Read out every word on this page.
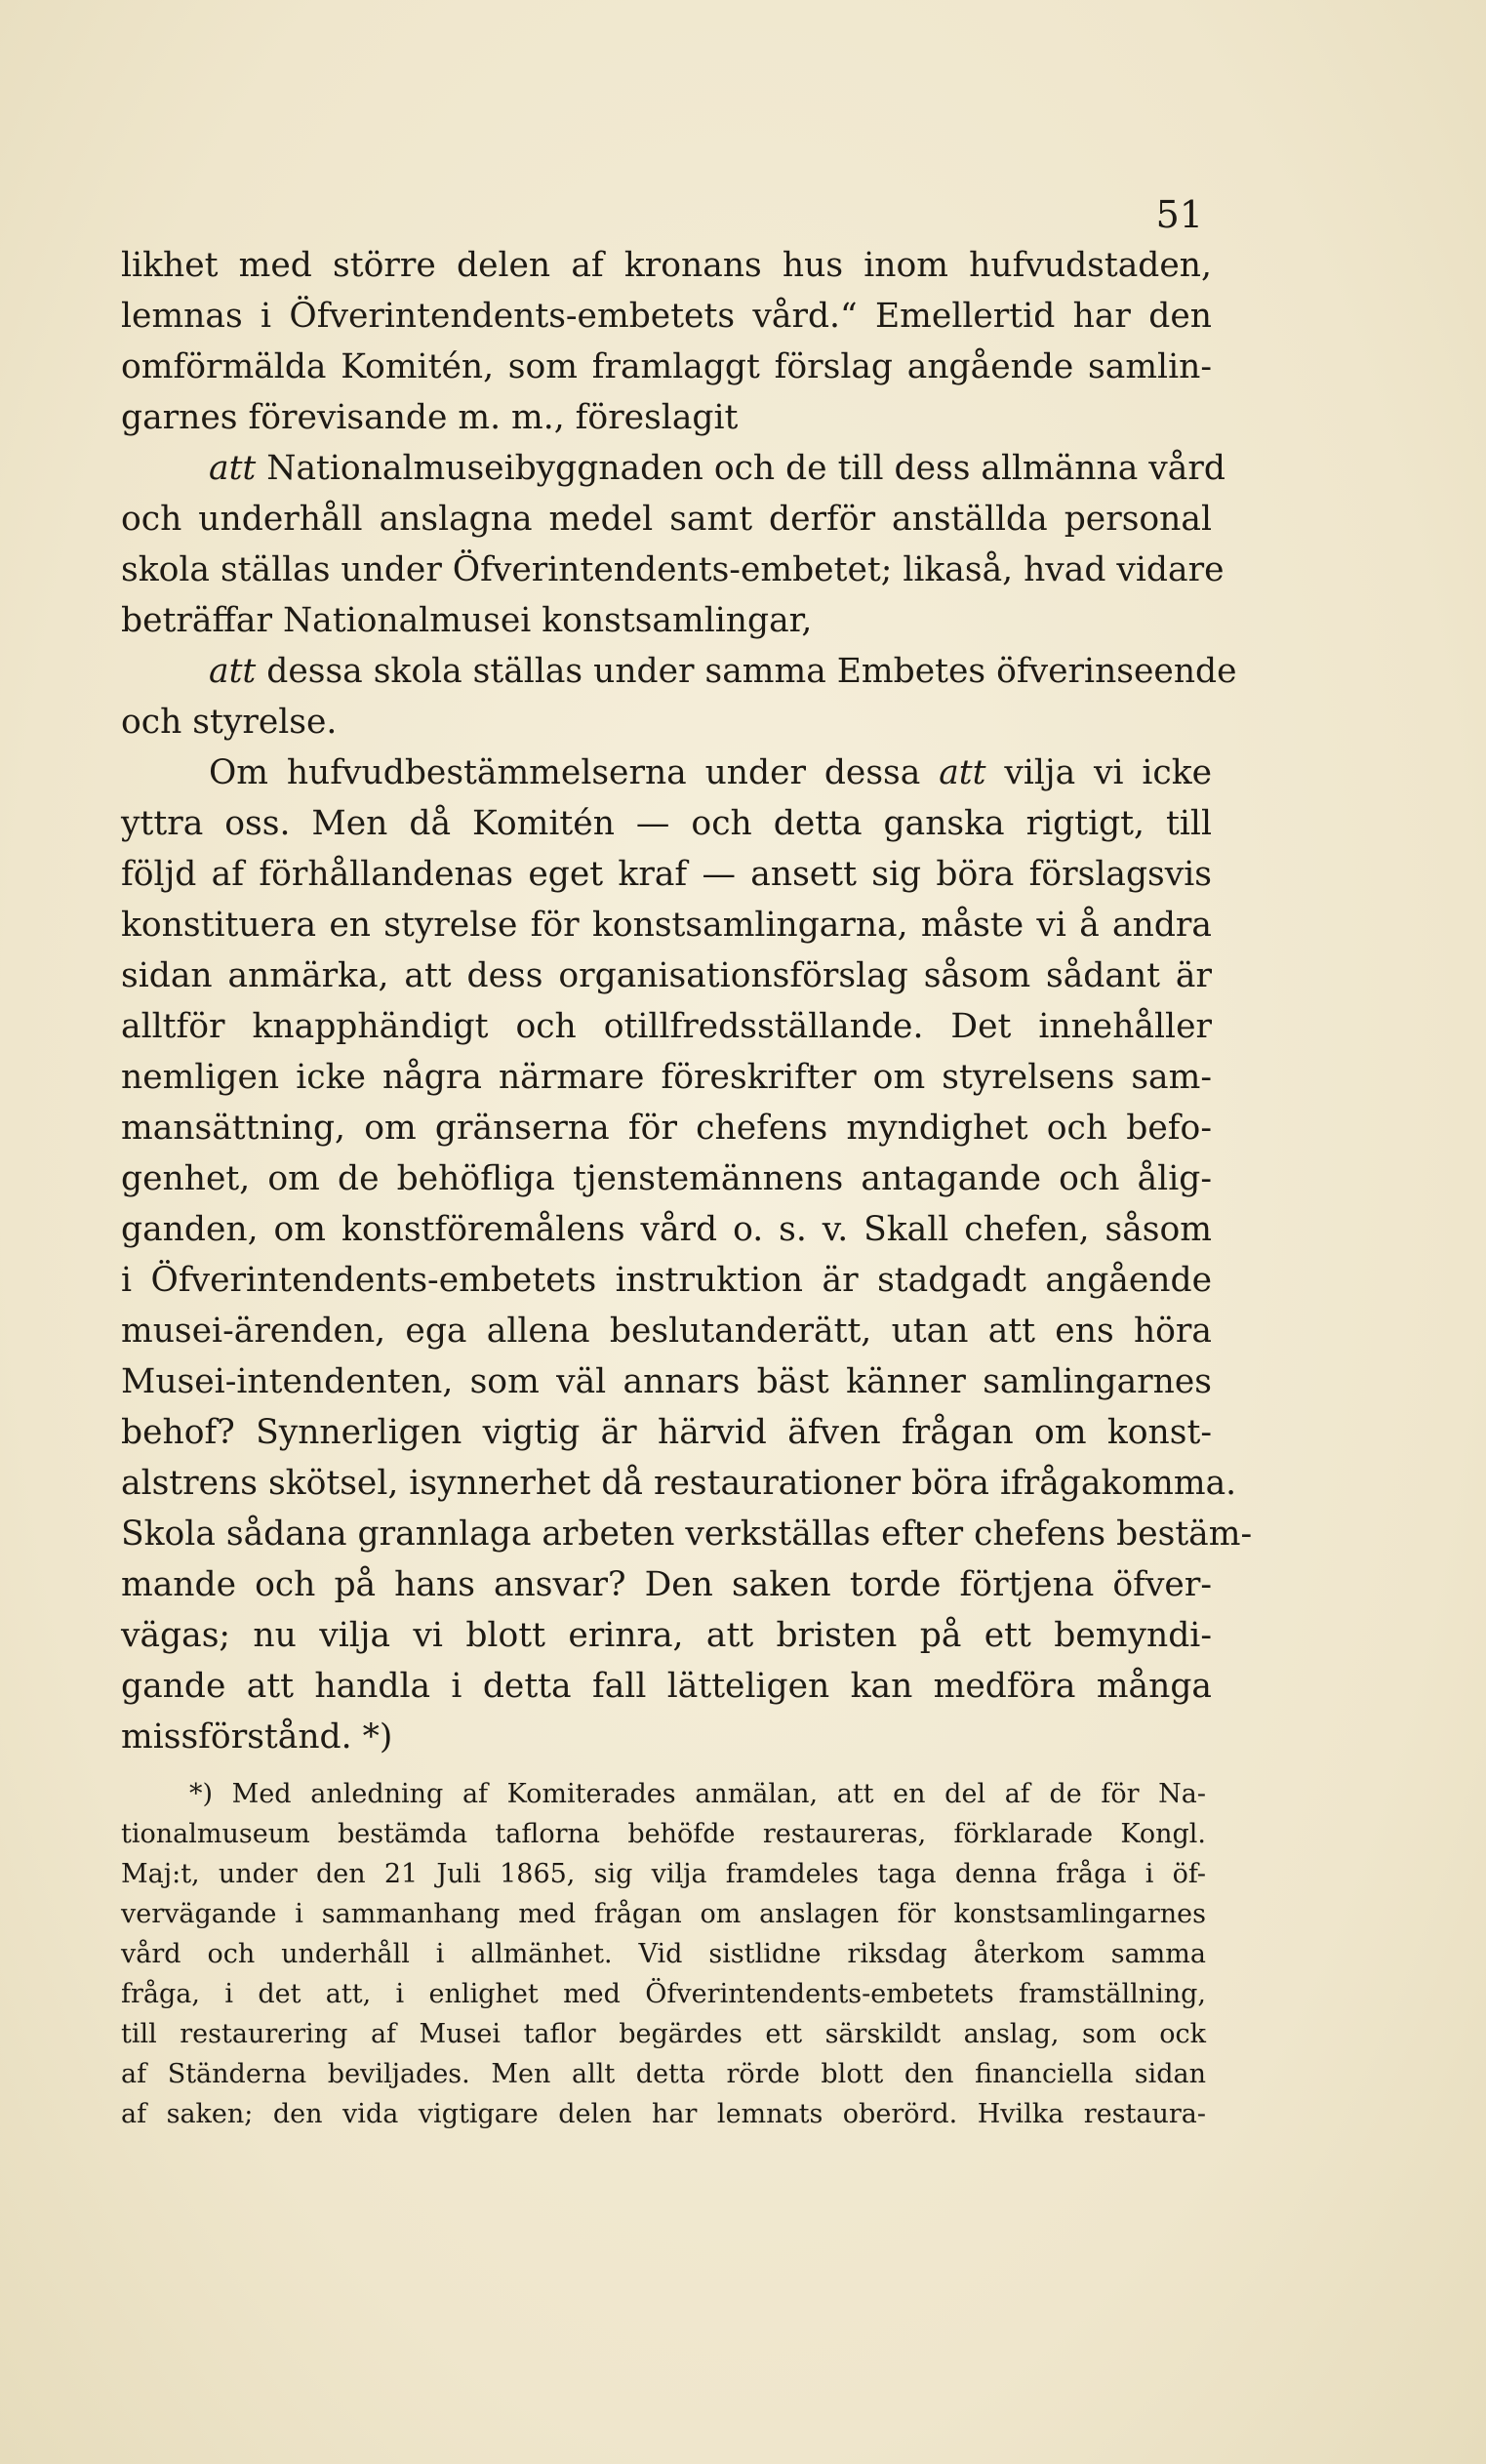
51

likhet med större delen af kronans hus inom hufvudstaden,
lemnas i Öfverintendents-embetets vård.“ Emellertid har den
omförmälda Komitén, som framlaggt förslag angående samlin-
garnes förevisande m. m., föreslagit
att Nationalmuseibyggnaden och de till dess allmänna vård
och underhåll anslagna medel samt derför anställda personal
skola ställas under Öfverintendents-embetet; likaså, hvad vidare
beträffar Nationalmusei konstsamlingar,
att dessa skola ställas under samma Embetes öfverinseende
och styrelse.
Om hufvudbestämmelserna under dessa att vilja vi icke
yttra oss. Men då Komitén — och detta ganska rigtigt, till
följd af förhållandenas eget kraf — ansett sig böra förslagsvis
konstituera en styrelse för konstsamlingarna, måste vi å andra
sidan anmärka, att dess organisationsförslag såsom sådant är
alltför knapphändigt och otillfredsställande. Det innehåller
nemligen icke några närmare föreskrifter om styrelsens sam-
mansättning, om gränserna för chefens myndighet och befo-
genhet, om de behöfliga tjenstemännens antagande och ålig-
ganden, om konstföremålens vård o. s. v. Skall chefen, såsom
i Öfverintendents-embetets instruktion är stadgadt angående
musei-ärenden, ega allena beslutanderätt, utan att ens höra
Musei-intendenten, som väl annars bäst känner samlingarnes
behof? Synnerligen vigtig är härvid äfven frågan om konst-
alstrens skötsel, isynnerhet då restaurationer böra ifrågakomma.
Skola sådana grannlaga arbeten verkställas efter chefens bestäm-
mande och på hans ansvar? Den saken torde förtjena öfver-
vägas; nu vilja vi blott erinra, att bristen på ett bemyndi-
gande att handla i detta fall lätteligen kan medföra många
missförstånd. *)
*) Med anledning af Komiterades anmälan, att en del af de för Na-
tionalmuseum bestämda taflorna behöfde restaureras, förklarade Kongl.
Maj:t, under den 21 Juli 1865, sig vilja framdeles taga denna fråga i öf-
vervägande i sammanhang med frågan om anslagen för konstsamlingarnes
vård och underhåll i allmänhet. Vid sistlidne riksdag återkom samma
fråga, i det att, i enlighet med Öfverintendents-embetets framställning,
till restaurering af Musei taflor begärdes ett särskildt anslag, som ock
af Ständerna beviljades. Men allt detta rörde blott den financiella sidan
af saken; den vida vigtigare delen har lemnats oberörd. Hvilka restaura-
